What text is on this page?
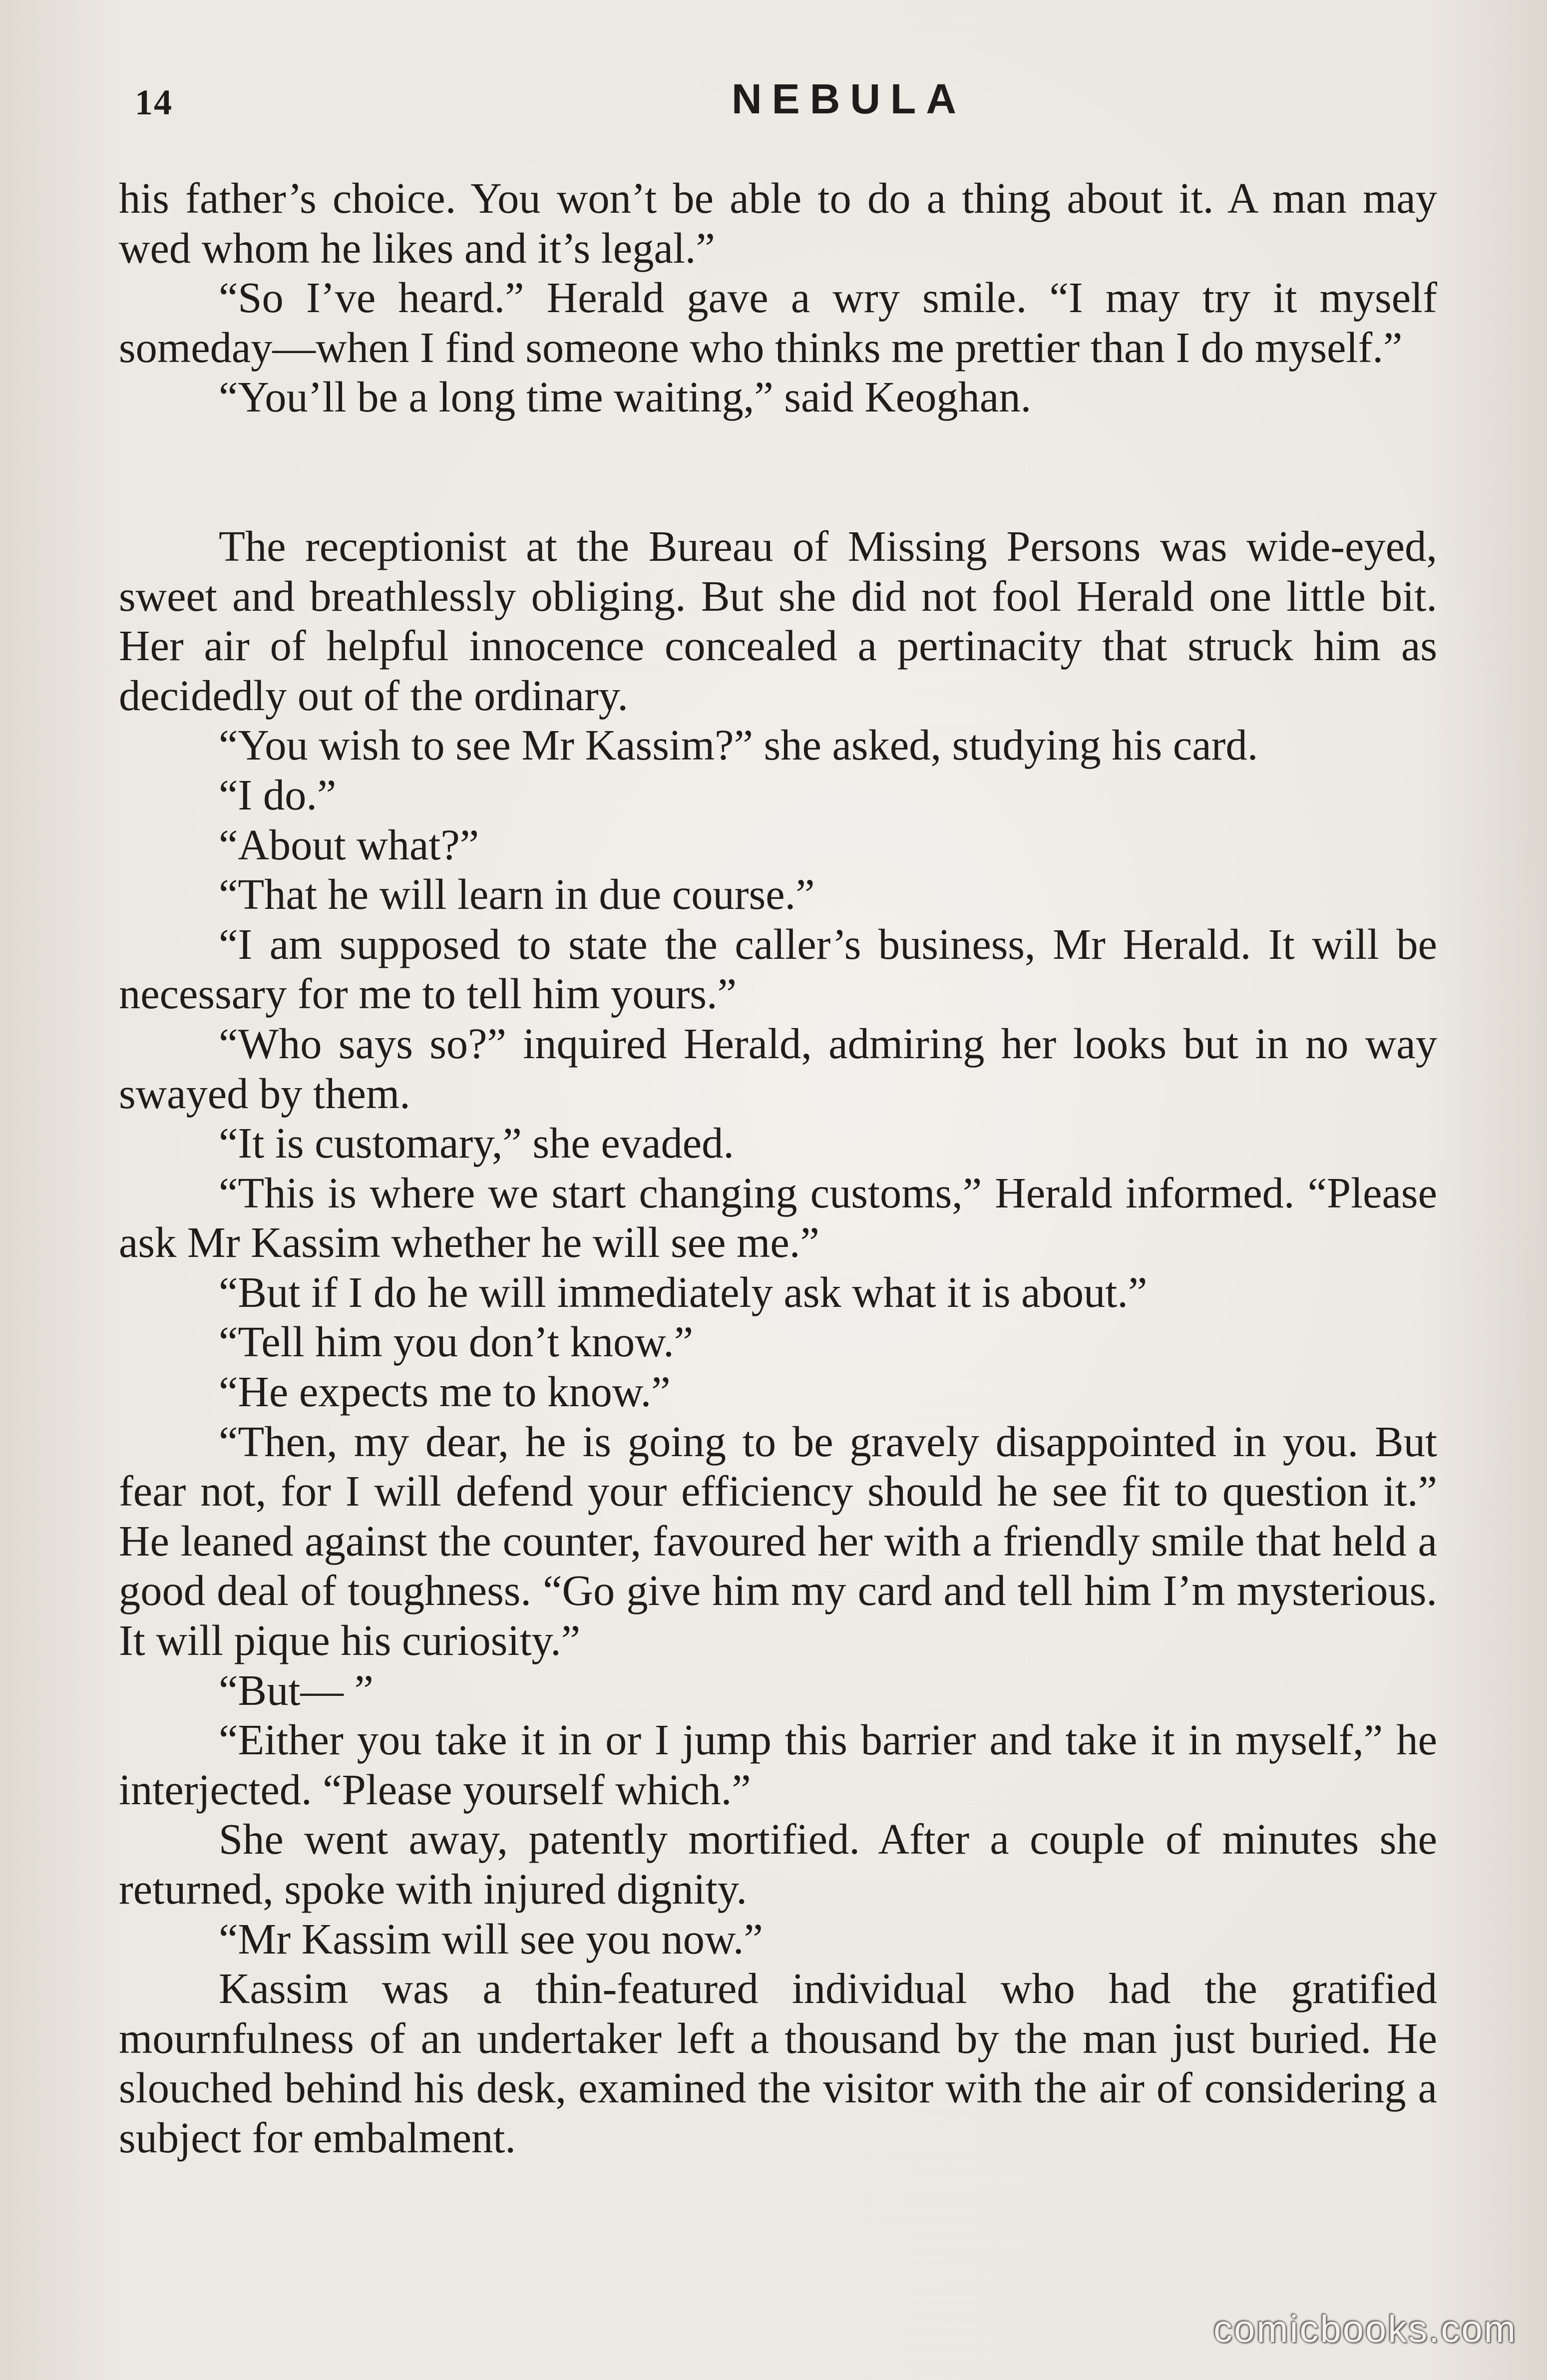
14	NEBULA

his father’s choice. You won’t be able to do a thing about it. A man may wed whom he likes and it’s legal.”

“So I’ve heard.” Herald gave a wry smile. “I may try it myself someday—when I find someone who thinks me prettier than I do myself.”

“You’ll be a long time waiting,” said Keoghan.

The receptionist at the Bureau of Missing Persons was wide-eyed, sweet and breathlessly obliging. But she did not fool Herald one little bit. Her air of helpful innocence concealed a pertinacity that struck him as decidedly out of the ordinary.

“You wish to see Mr Kassim?” she asked, studying his card.

“I do.”

“About what?”

“That he will learn in due course.”

“I am supposed to state the caller’s business, Mr Herald. It will be necessary for me to tell him yours.”

“Who says so?” inquired Herald, admiring her looks but in no way swayed by them.

“It is customary,” she evaded.

“This is where we start changing customs,” Herald informed. “Please ask Mr Kassim whether he will see me.”

“But if I do he will immediately ask what it is about.”

“Tell him you don’t know.”

“He expects me to know.”

“Then, my dear, he is going to be gravely disappointed in you. But fear not, for I will defend your efficiency should he see fit to question it.” He leaned against the counter, favoured her with a friendly smile that held a good deal of toughness. “Go give him my card and tell him I’m mysterious. It will pique his curiosity.”

“But— ”

“Either you take it in or I jump this barrier and take it in myself,” he interjected. “Please yourself which.”

She went away, patently mortified. After a couple of minutes she returned, spoke with injured dignity.

“Mr Kassim will see you now.”

Kassim was a thin-featured individual who had the gratified mournfulness of an undertaker left a thousand by the man just buried. He slouched behind his desk, examined the visitor with the air of considering a subject for embalment.

comicbooks.com
